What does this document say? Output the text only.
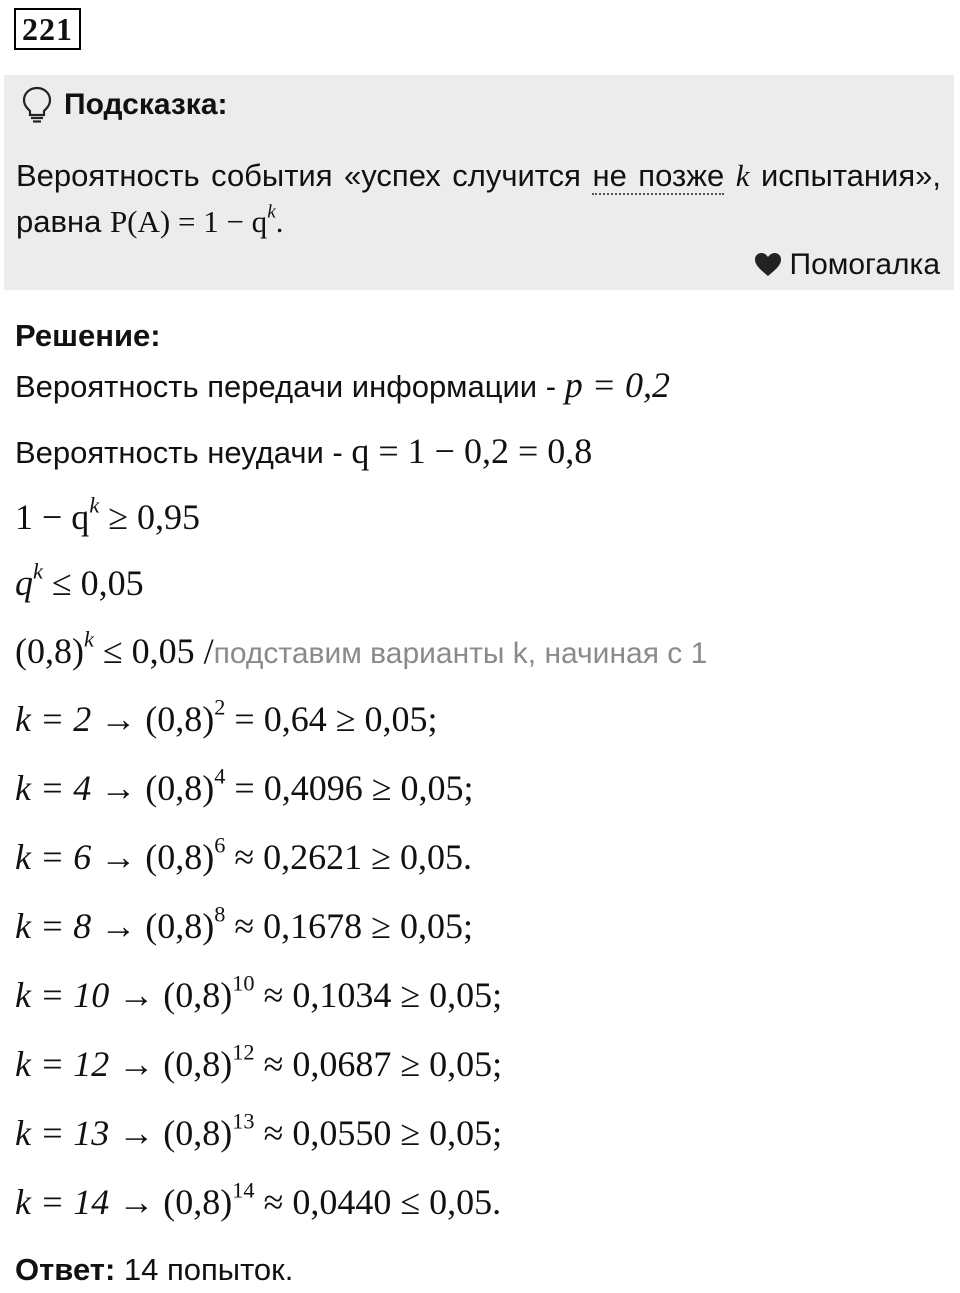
221
Подсказка:
Вероятность события «успех случится не позже k испытания», равна $P(A) = 1 - q^k$.
Помогалка
Решение:
Вероятность передачи информации - p = 0,2
Вероятность неудачи - q = 1 − 0,2 = 0,8
$1 - q^k \ge 0,95$
$q^k \le 0,05$
$(0,8)^k \le 0,05$ /подставим варианты k, начиная с 1
$k = 2 \to (0,8)^2 = 0,64 \ge 0,05$;
$k = 4 \to (0,8)^4 = 0,4096 \ge 0,05$;
$k = 6 \to (0,8)^6 \approx 0,2621 \ge 0,05$.
$k = 8 \to (0,8)^8 \approx 0,1678 \ge 0,05$;
$k = 10 \to (0,8)^{10} \approx 0,1034 \ge 0,05$;
$k = 12 \to (0,8)^{12} \approx 0,0687 \ge 0,05$;
$k = 13 \to (0,8)^{13} \approx 0,0550 \ge 0,05$;
$k = 14 \to (0,8)^{14} \approx 0,0440 \le 0,05$.
Ответ: 14 попыток.
